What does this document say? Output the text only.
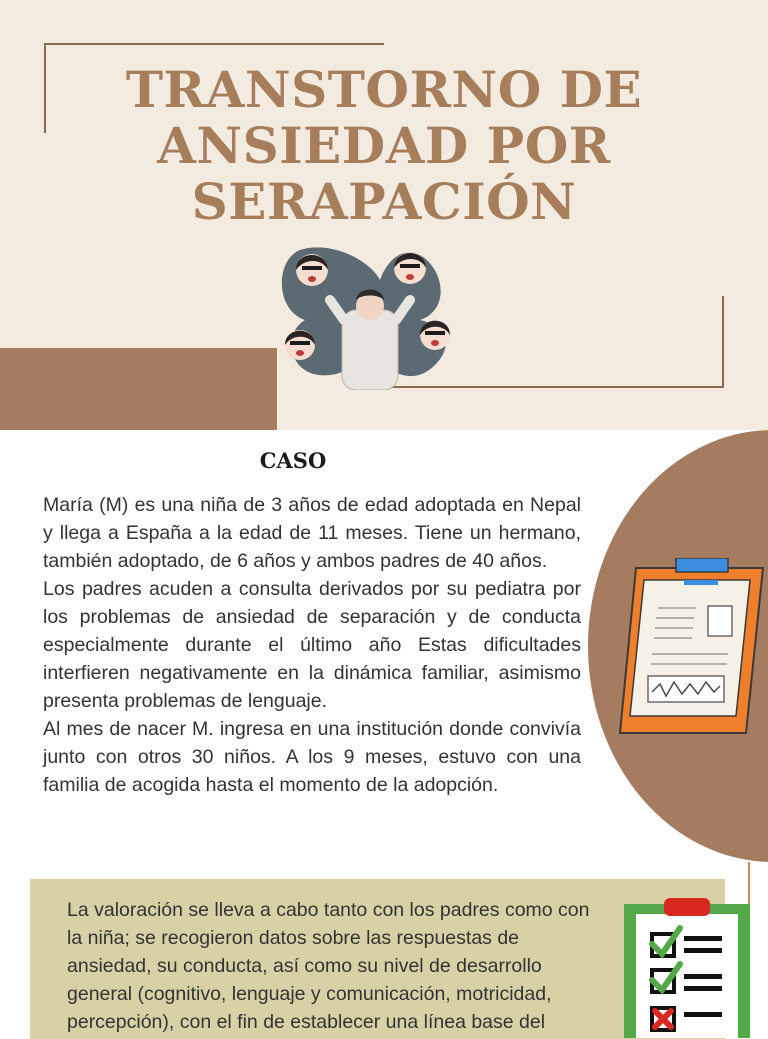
TRANSTORNO DE
ANSIEDAD POR
SERAPACIÓN
CASO

María (M) es una niña de 3 años de edad adoptada en Nepal y llega a España a la edad de 11 meses. Tiene un hermano, también adoptado, de 6 años y ambos padres de 40 años.

Los padres acuden a consulta derivados por su pediatra por los problemas de ansiedad de separación y de conducta especialmente durante el último año Estas dificultades interfieren negativamente en la dinámica familiar, asimismo presenta problemas de lenguaje.

Al mes de nacer M. ingresa en una institución donde convivía junto con otros 30 niños. A los 9 meses, estuvo con una familia de acogida hasta el momento de la adopción.

La valoración se lleva a cabo tanto con los padres como con la niña; se recogieron datos sobre las respuestas de ansiedad, su conducta, así como su nivel de desarrollo general (cognitivo, lenguaje y comunicación, motricidad, percepción), con el fin de establecer una línea base del
